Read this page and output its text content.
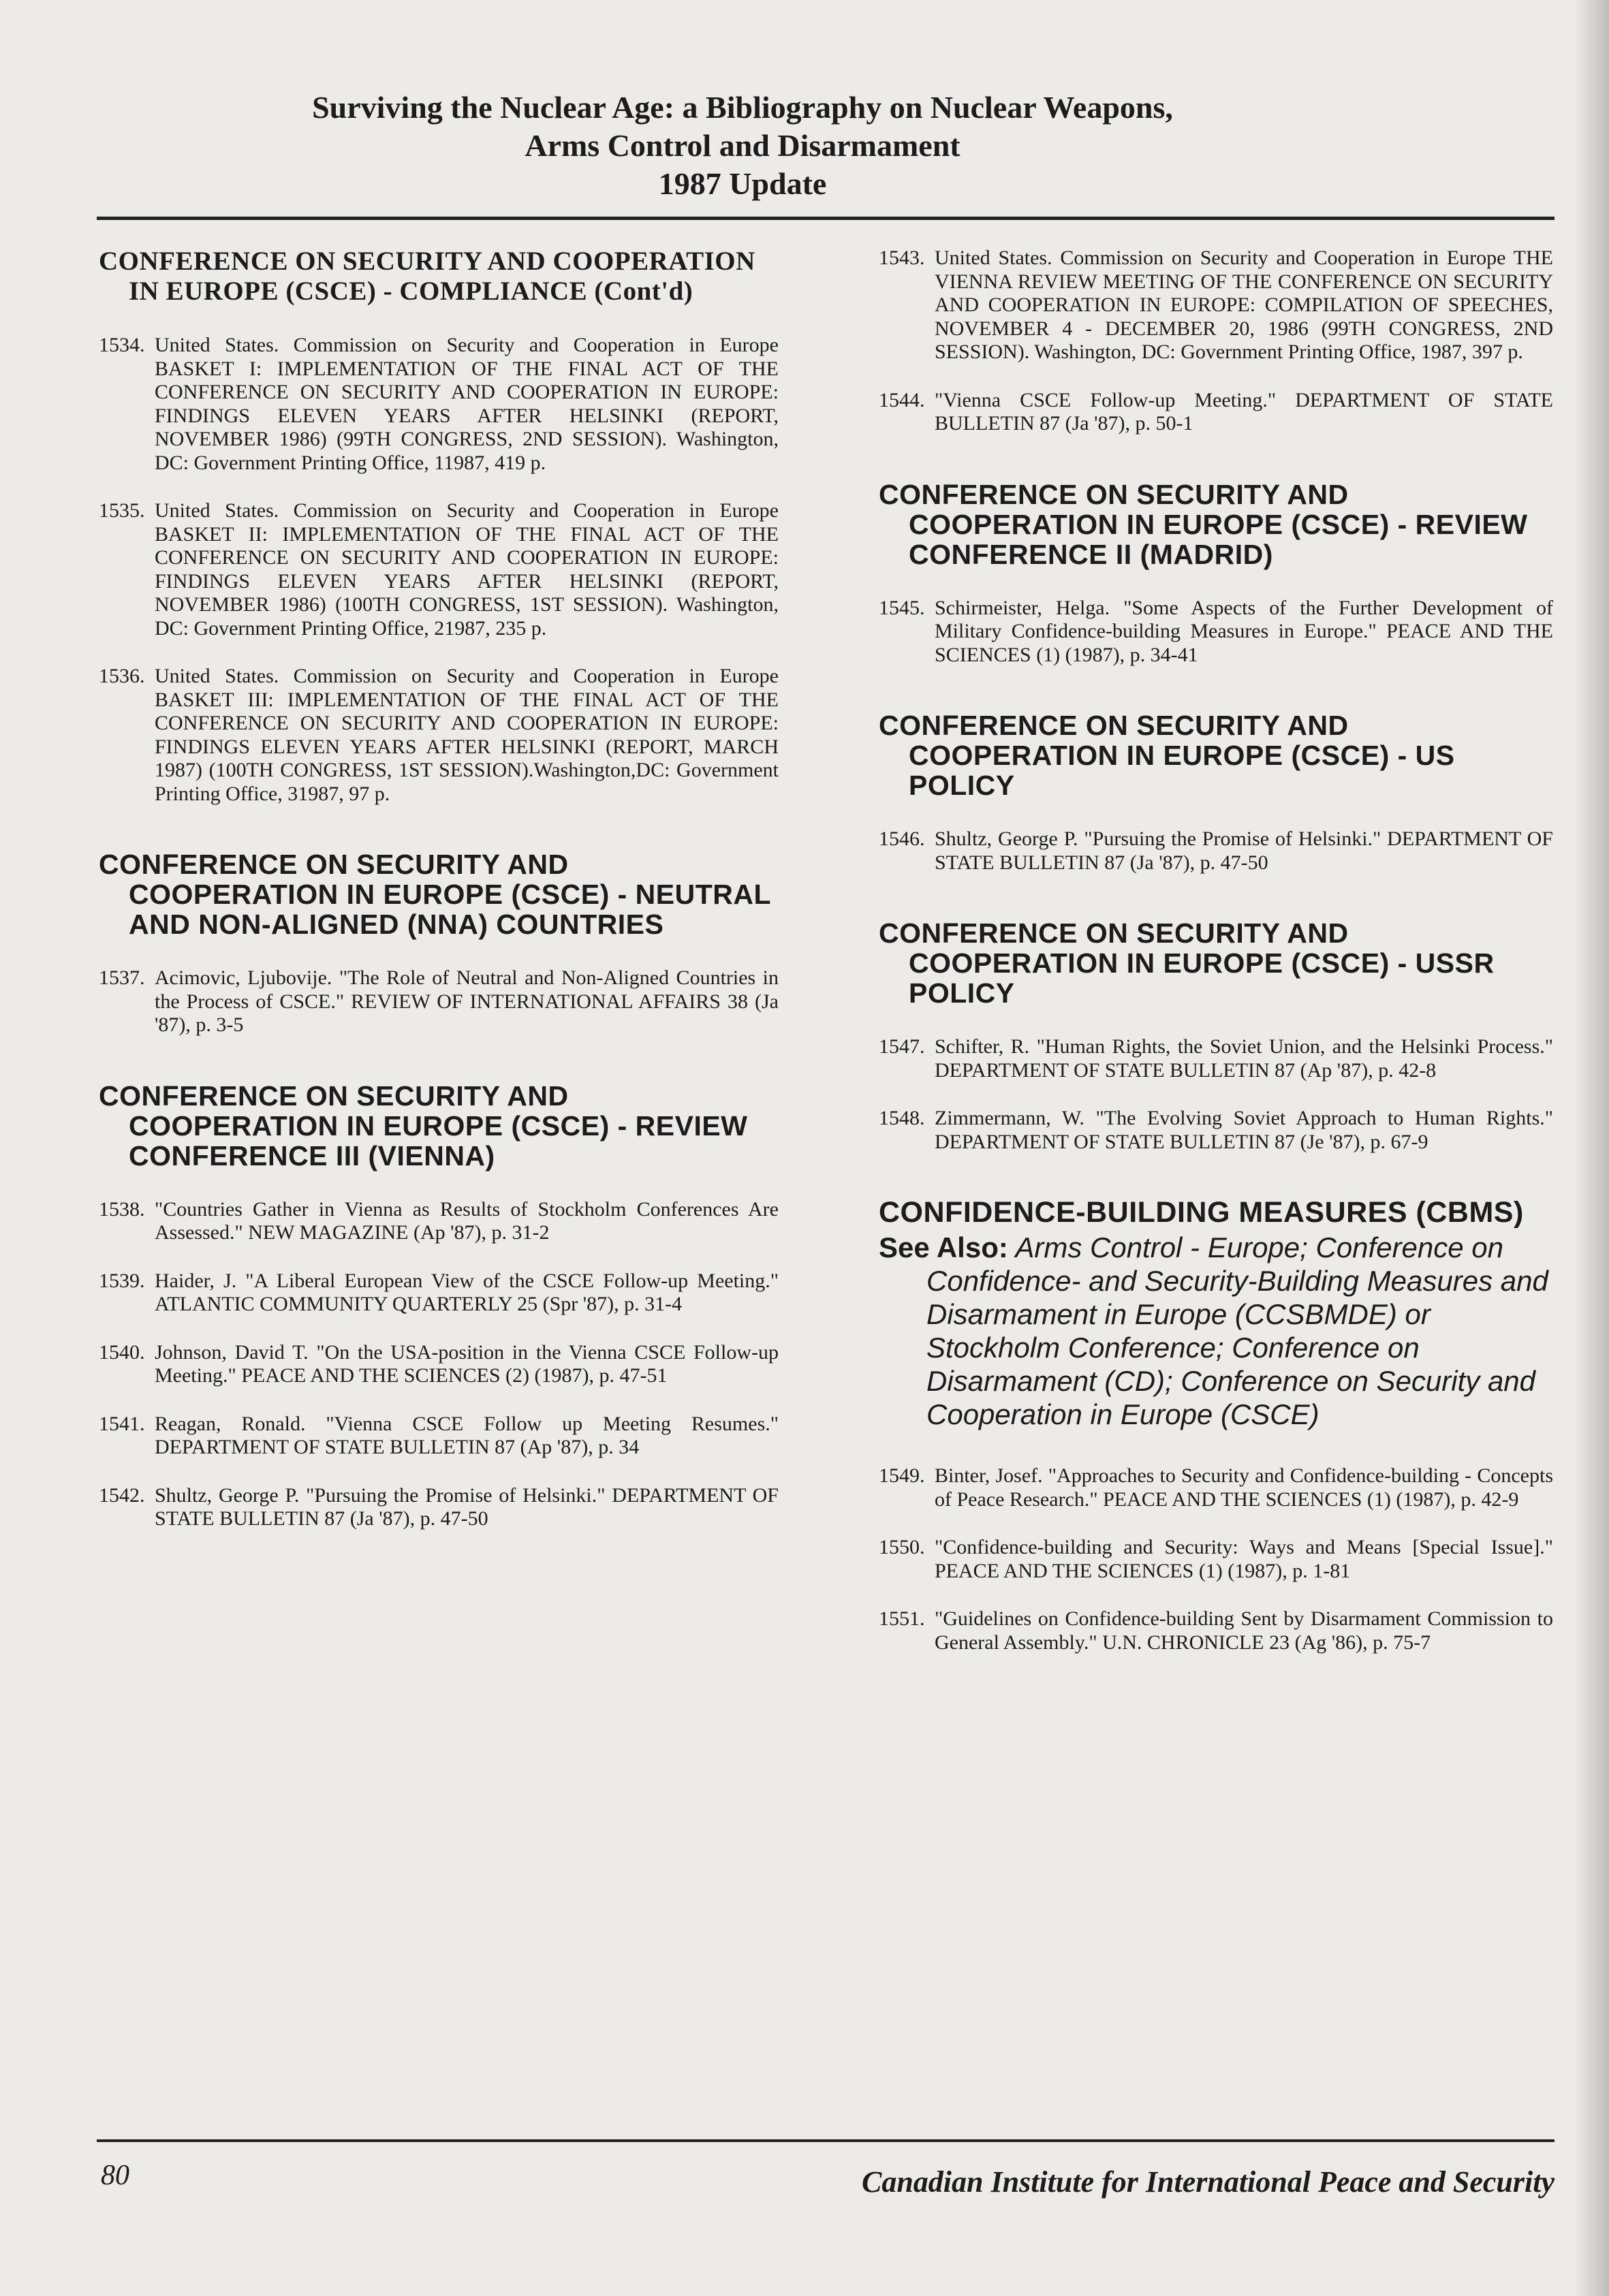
Surviving the Nuclear Age: a Bibliography on Nuclear Weapons,
Arms Control and Disarmament
1987 Update
CONFERENCE ON SECURITY AND COOPERATION IN EUROPE (CSCE) - COMPLIANCE (Cont'd)
1534. United States. Commission on Security and Cooperation in Europe BASKET I: IMPLEMENTATION OF THE FINAL ACT OF THE CONFERENCE ON SECURITY AND COOPERATION IN EUROPE: FINDINGS ELEVEN YEARS AFTER HELSINKI (REPORT, NOVEMBER 1986) (99TH CONGRESS, 2ND SESSION). Washington, DC: Government Printing Office, 11987, 419 p.
1535. United States. Commission on Security and Cooperation in Europe BASKET II: IMPLEMENTATION OF THE FINAL ACT OF THE CONFERENCE ON SECURITY AND COOPERATION IN EUROPE: FINDINGS ELEVEN YEARS AFTER HELSINKI (REPORT, NOVEMBER 1986) (100TH CONGRESS, 1ST SESSION). Washington, DC: Government Printing Office, 21987, 235 p.
1536. United States. Commission on Security and Cooperation in Europe BASKET III: IMPLEMENTATION OF THE FINAL ACT OF THE CONFERENCE ON SECURITY AND COOPERATION IN EUROPE: FINDINGS ELEVEN YEARS AFTER HELSINKI (REPORT, MARCH 1987) (100TH CONGRESS, 1ST SESSION).Washington,DC: Government Printing Office, 31987, 97 p.
CONFERENCE ON SECURITY AND COOPERATION IN EUROPE (CSCE) - NEUTRAL AND NON-ALIGNED (NNA) COUNTRIES
1537. Acimovic, Ljubovije. "The Role of Neutral and Non-Aligned Countries in the Process of CSCE." REVIEW OF INTERNATIONAL AFFAIRS 38 (Ja '87), p. 3-5
CONFERENCE ON SECURITY AND COOPERATION IN EUROPE (CSCE) - REVIEW CONFERENCE III (VIENNA)
1538. "Countries Gather in Vienna as Results of Stockholm Conferences Are Assessed." NEW MAGAZINE (Ap '87), p. 31-2
1539. Haider, J. "A Liberal European View of the CSCE Follow-up Meeting." ATLANTIC COMMUNITY QUARTERLY 25 (Spr '87), p. 31-4
1540. Johnson, David T. "On the USA-position in the Vienna CSCE Follow-up Meeting." PEACE AND THE SCIENCES (2) (1987), p. 47-51
1541. Reagan, Ronald. "Vienna CSCE Follow up Meeting Resumes." DEPARTMENT OF STATE BULLETIN 87 (Ap '87), p. 34
1542. Shultz, George P. "Pursuing the Promise of Helsinki." DEPARTMENT OF STATE BULLETIN 87 (Ja '87), p. 47-50
1543. United States. Commission on Security and Cooperation in Europe THE VIENNA REVIEW MEETING OF THE CONFERENCE ON SECURITY AND COOPERATION IN EUROPE: COMPILATION OF SPEECHES, NOVEMBER 4 - DECEMBER 20, 1986 (99TH CONGRESS, 2ND SESSION). Washington, DC: Government Printing Office, 1987, 397 p.
1544. "Vienna CSCE Follow-up Meeting." DEPARTMENT OF STATE BULLETIN 87 (Ja '87), p. 50-1
CONFERENCE ON SECURITY AND COOPERATION IN EUROPE (CSCE) - REVIEW CONFERENCE II (MADRID)
1545. Schirmeister, Helga. "Some Aspects of the Further Development of Military Confidence-building Measures in Europe." PEACE AND THE SCIENCES (1) (1987), p. 34-41
CONFERENCE ON SECURITY AND COOPERATION IN EUROPE (CSCE) - US POLICY
1546. Shultz, George P. "Pursuing the Promise of Helsinki." DEPARTMENT OF STATE BULLETIN 87 (Ja '87), p. 47-50
CONFERENCE ON SECURITY AND COOPERATION IN EUROPE (CSCE) - USSR POLICY
1547. Schifter, R. "Human Rights, the Soviet Union, and the Helsinki Process." DEPARTMENT OF STATE BULLETIN 87 (Ap '87), p. 42-8
1548. Zimmermann, W. "The Evolving Soviet Approach to Human Rights." DEPARTMENT OF STATE BULLETIN 87 (Je '87), p. 67-9
CONFIDENCE-BUILDING MEASURES (CBMS)
See Also: Arms Control - Europe; Conference on Confidence- and Security-Building Measures and Disarmament in Europe (CCSBMDE) or Stockholm Conference; Conference on Disarmament (CD); Conference on Security and Cooperation in Europe (CSCE)
1549. Binter, Josef. "Approaches to Security and Confidence-building - Concepts of Peace Research." PEACE AND THE SCIENCES (1) (1987), p. 42-9
1550. "Confidence-building and Security: Ways and Means [Special Issue]." PEACE AND THE SCIENCES (1) (1987), p. 1-81
1551. "Guidelines on Confidence-building Sent by Disarmament Commission to General Assembly." U.N. CHRONICLE 23 (Ag '86), p. 75-7
80	Canadian Institute for International Peace and Security
